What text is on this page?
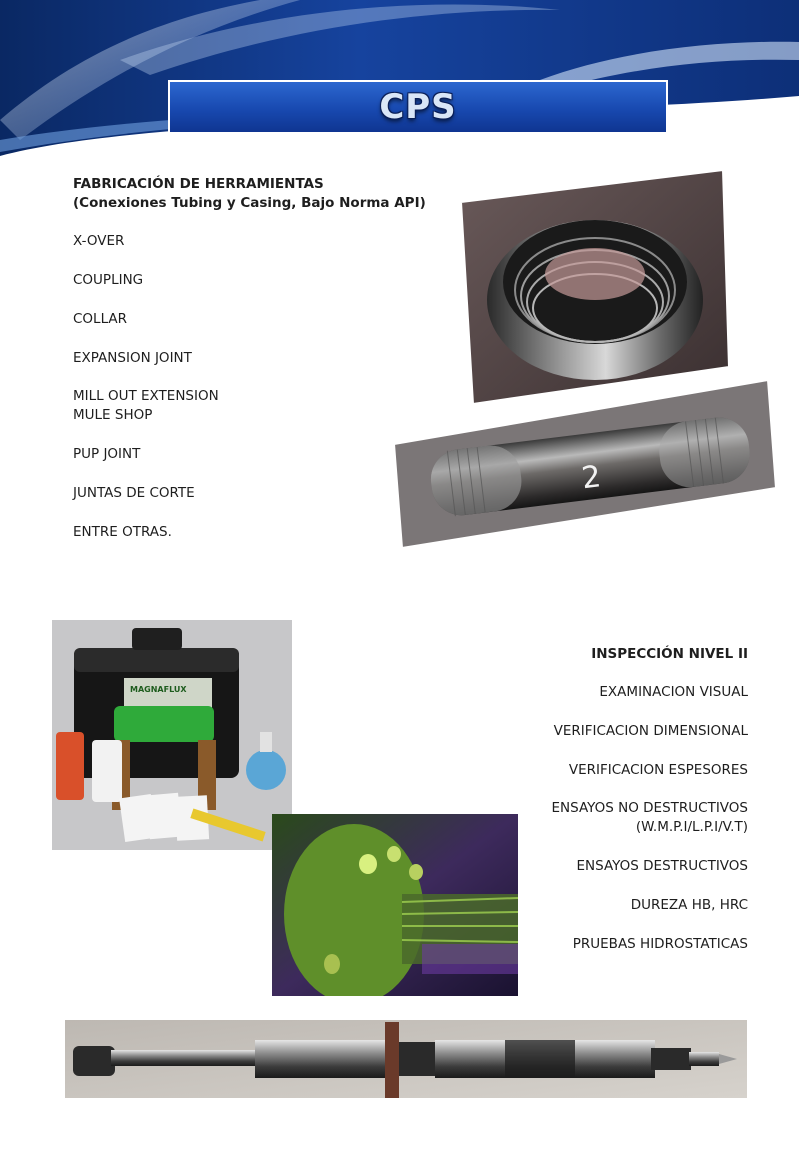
CPS
FABRICACIÓN DE HERRAMIENTAS
(Conexiones Tubing y Casing, Bajo Norma API)
X-OVER
COUPLING
COLLAR
EXPANSION JOINT
MILL OUT EXTENSION
MULE SHOP
PUP JOINT
JUNTAS DE CORTE
ENTRE OTRAS.
2
MAGNAFLUX
INSPECCIÓN NIVEL II
EXAMINACION VISUAL
VERIFICACION DIMENSIONAL
VERIFICACION ESPESORES
ENSAYOS NO DESTRUCTIVOS
(W.M.P.I/L.P.I/V.T)
ENSAYOS DESTRUCTIVOS
DUREZA HB, HRC
PRUEBAS HIDROSTATICAS
